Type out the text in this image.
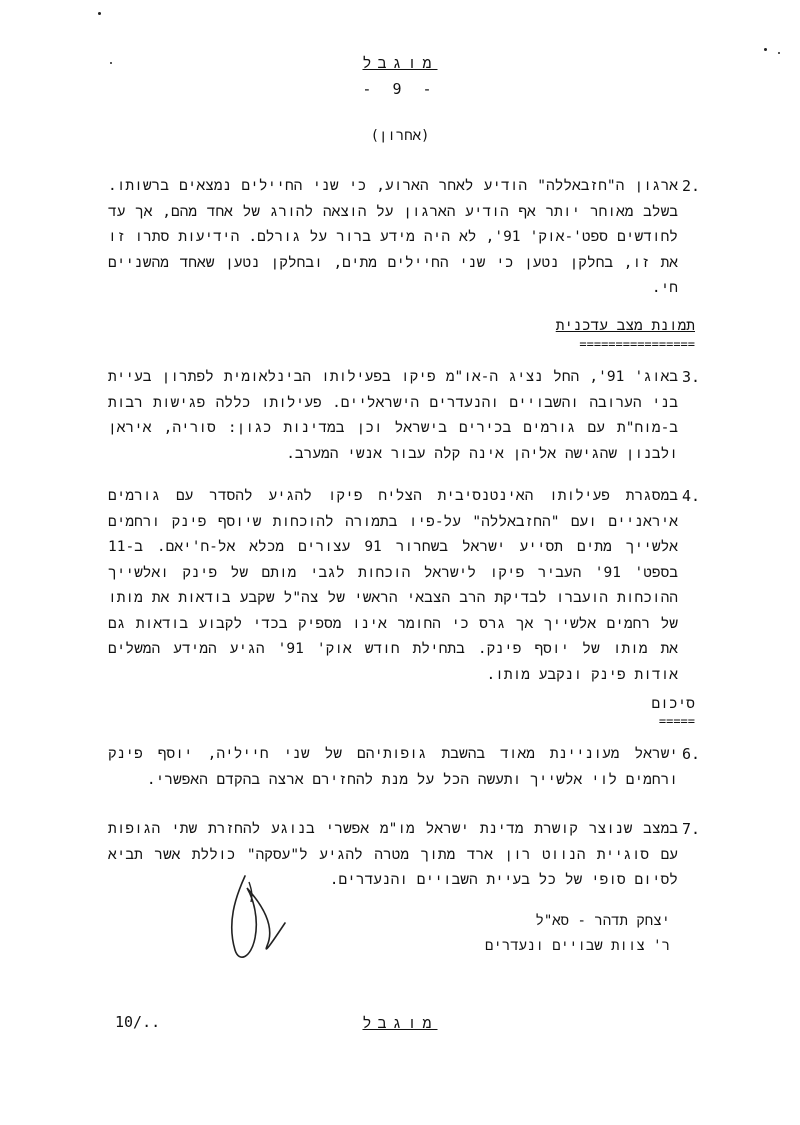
מוגבל
- 9 -
(אחרון)
2.
ארגון ה"חזבאללה" הודיע לאחר הארוע, כי שני החיילים נמצאים ברשותו. בשלב מאוחר יותר אף הודיע הארגון על הוצאה להורג של אחד מהם, אך עד לחודשים ספט'-אוק' 91', לא היה מידע ברור על גורלם. הידיעות סתרו זו את זו, בחלקן נטען כי שני החיילים מתים, ובחלקן נטען שאחד מהשניים חי.
תמונת מצב עדכנית
================
3.
באוג' 91', החל נציג ה-או"מ פיקו בפעילותו הבינלאומית לפתרון בעיית בני הערובה והשבויים והנעדרים הישראליים. פעילותו כללה פגישות רבות ב-מוח"ת עם גורמים בכירים בישראל וכן במדינות כגון: סוריה, איראן ולבנון שהגישה אליהן אינה קלה עבור אנשי המערב.
4.
במסגרת פעילותו האינטנסיבית הצליח פיקו להגיע להסדר עם גורמים איראניים ועם "החזבאללה" על-פיו בתמורה להוכחות שיוסף פינק ורחמים אלשייך מתים תסייע ישראל בשחרור 91 עצורים מכלא אל-ח'יאם. ב-11 בספט' 91' העביר פיקו לישראל הוכחות לגבי מותם של פינק ואלשייך ההוכחות הועברו לבדיקת הרב הצבאי הראשי של צה"ל שקבע בודאות את מותו של רחמים אלשייך אך גרס כי החומר אינו מספיק בכדי לקבוע בודאות גם את מותו של יוסף פינק. בתחילת חודש אוק' 91' הגיע המידע המשלים אודות פינק ונקבע מותו.
סיכום
=====
6.
ישראל מעוניינת מאוד בהשבת גופותיהם של שני חייליה, יוסף פינק ורחמים לוי אלשייך ותעשה הכל על מנת להחזירם ארצה בהקדם האפשרי.
7.
במצב שנוצר קושרת מדינת ישראל מו"מ אפשרי בנוגע להחזרת שתי הגופות עם סוגיית הנווט רון ארד מתוך מטרה להגיע ל"עסקה" כוללת אשר תביא לסיום סופי של כל בעיית השבויים והנעדרים.
יצחק תדהר - סא"ל
ר' צוות שבויים ונעדרים
10/..	מוגבל
